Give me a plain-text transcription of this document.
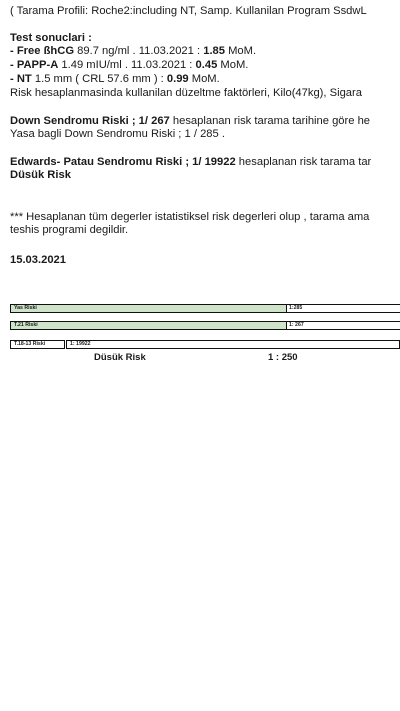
( Tarama Profili: Roche2:including NT, Samp. Kullanilan Program SsdwL
Test sonuclari :
- Free ßhCG 89.7 ng/ml . 11.03.2021 : 1.85 MoM.
- PAPP-A 1.49 mIU/ml . 11.03.2021 : 0.45 MoM.
- NT 1.5 mm ( CRL 57.6 mm ) : 0.99 MoM.
Risk hesaplanmasinda kullanilan düzeltme faktörleri, Kilo(47kg), Sigara
Down Sendromu Riski ; 1/ 267 hesaplanan risk tarama tarihine göre he
Yasa bagli Down Sendromu Riski ; 1 / 285 .
Edwards- Patau Sendromu Riski ; 1/ 19922 hesaplanan risk tarama tar
Düsük Risk
*** Hesaplanan tüm degerler istatistiksel risk degerleri olup , tarama ama
teshis programi degildir.
15.03.2021
Yas Riski	1:285
T.21 Riski	1: 267
T.18-13 Riski	1: 19922
Düsük Risk	1 : 250
